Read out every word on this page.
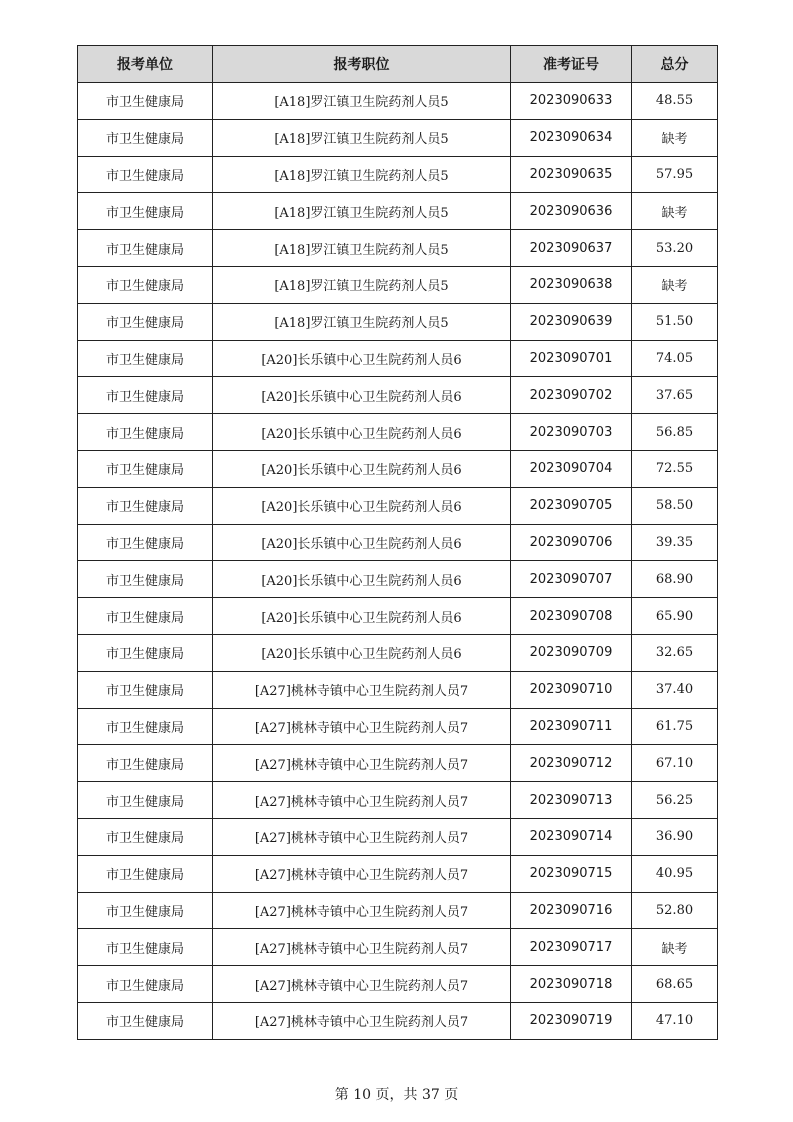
报考单位	报考职位	准考证号	总分
市卫生健康局	[A18]罗江镇卫生院药剂人员5	2023090633	48.55
市卫生健康局	[A18]罗江镇卫生院药剂人员5	2023090634	缺考
市卫生健康局	[A18]罗江镇卫生院药剂人员5	2023090635	57.95
市卫生健康局	[A18]罗江镇卫生院药剂人员5	2023090636	缺考
市卫生健康局	[A18]罗江镇卫生院药剂人员5	2023090637	53.20
市卫生健康局	[A18]罗江镇卫生院药剂人员5	2023090638	缺考
市卫生健康局	[A18]罗江镇卫生院药剂人员5	2023090639	51.50
市卫生健康局	[A20]长乐镇中心卫生院药剂人员6	2023090701	74.05
市卫生健康局	[A20]长乐镇中心卫生院药剂人员6	2023090702	37.65
市卫生健康局	[A20]长乐镇中心卫生院药剂人员6	2023090703	56.85
市卫生健康局	[A20]长乐镇中心卫生院药剂人员6	2023090704	72.55
市卫生健康局	[A20]长乐镇中心卫生院药剂人员6	2023090705	58.50
市卫生健康局	[A20]长乐镇中心卫生院药剂人员6	2023090706	39.35
市卫生健康局	[A20]长乐镇中心卫生院药剂人员6	2023090707	68.90
市卫生健康局	[A20]长乐镇中心卫生院药剂人员6	2023090708	65.90
市卫生健康局	[A20]长乐镇中心卫生院药剂人员6	2023090709	32.65
市卫生健康局	[A27]桃林寺镇中心卫生院药剂人员7	2023090710	37.40
市卫生健康局	[A27]桃林寺镇中心卫生院药剂人员7	2023090711	61.75
市卫生健康局	[A27]桃林寺镇中心卫生院药剂人员7	2023090712	67.10
市卫生健康局	[A27]桃林寺镇中心卫生院药剂人员7	2023090713	56.25
市卫生健康局	[A27]桃林寺镇中心卫生院药剂人员7	2023090714	36.90
市卫生健康局	[A27]桃林寺镇中心卫生院药剂人员7	2023090715	40.95
市卫生健康局	[A27]桃林寺镇中心卫生院药剂人员7	2023090716	52.80
市卫生健康局	[A27]桃林寺镇中心卫生院药剂人员7	2023090717	缺考
市卫生健康局	[A27]桃林寺镇中心卫生院药剂人员7	2023090718	68.65
市卫生健康局	[A27]桃林寺镇中心卫生院药剂人员7	2023090719	47.10
第 10 页，共 37 页
